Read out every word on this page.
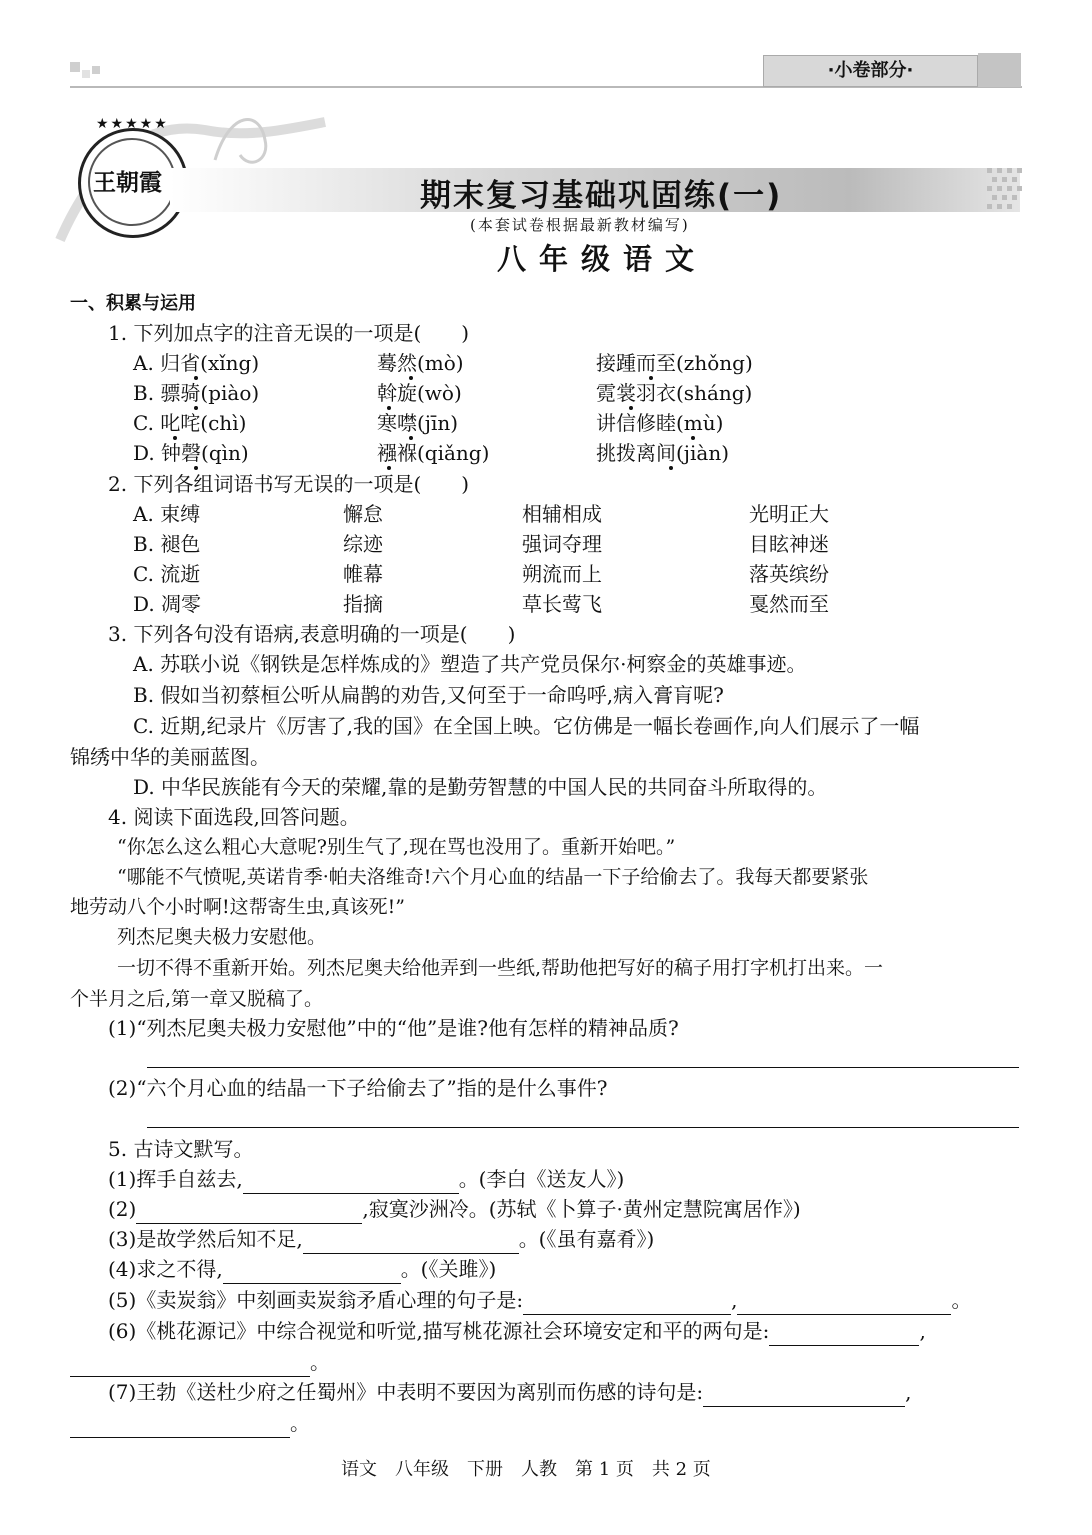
·小卷部分·
★★★★★
王朝霞	期末复习基础巩固练(一)
(本套试卷根据最新教材编写)
八年级语文
一、积累与运用
1. 下列加点字的注音无误的一项是(　　)
A. 归省(xǐng)	蓦然(mò)	接踵而至(zhǒng)
B. 骠骑(piào)	斡旋(wò)	霓裳羽衣(sháng)
C. 叱咤(chì)	寒噤(jīn)	讲信修睦(mù)
D. 钟磬(qìn)	襁褓(qiǎng)	挑拨离间(jiàn)
2. 下列各组词语书写无误的一项是(　　)
A. 束缚	懈怠	相辅相成	光明正大
B. 褪色	综迹	强词夺理	目眩神迷
C. 流逝	帷幕	朔流而上	落英缤纷
D. 凋零	指摘	草长莺飞	戛然而至
3. 下列各句没有语病,表意明确的一项是(　　)
A. 苏联小说《钢铁是怎样炼成的》塑造了共产党员保尔·柯察金的英雄事迹。
B. 假如当初蔡桓公听从扁鹊的劝告,又何至于一命呜呼,病入膏肓呢?
C. 近期,纪录片《厉害了,我的国》在全国上映。它仿佛是一幅长卷画作,向人们展示了一幅
锦绣中华的美丽蓝图。
D. 中华民族能有今天的荣耀,靠的是勤劳智慧的中国人民的共同奋斗所取得的。
4. 阅读下面选段,回答问题。
“你怎么这么粗心大意呢?别生气了,现在骂也没用了。重新开始吧。”
“哪能不气愤呢,英诺肯季·帕夫洛维奇!六个月心血的结晶一下子给偷去了。我每天都要紧张
地劳动八个小时啊!这帮寄生虫,真该死!”
列杰尼奥夫极力安慰他。
一切不得不重新开始。列杰尼奥夫给他弄到一些纸,帮助他把写好的稿子用打字机打出来。一
个半月之后,第一章又脱稿了。
(1)“列杰尼奥夫极力安慰他”中的“他”是谁?他有怎样的精神品质?
(2)“六个月心血的结晶一下子给偷去了”指的是什么事件?
5. 古诗文默写。
(1)挥手自兹去,	。(李白《送友人》)
(2)	,寂寞沙洲冷。(苏轼《卜算子·黄州定慧院寓居作》)
(3)是故学然后知不足,	。(《虽有嘉肴》)
(4)求之不得,	。(《关雎》)
(5)《卖炭翁》中刻画卖炭翁矛盾心理的句子是:	,	。
(6)《桃花源记》中综合视觉和听觉,描写桃花源社会环境安定和平的两句是:	,
。
(7)王勃《送杜少府之任蜀州》中表明不要因为离别而伤感的诗句是:	,
。
语文　八年级　下册　人教　第 1 页　共 2 页
